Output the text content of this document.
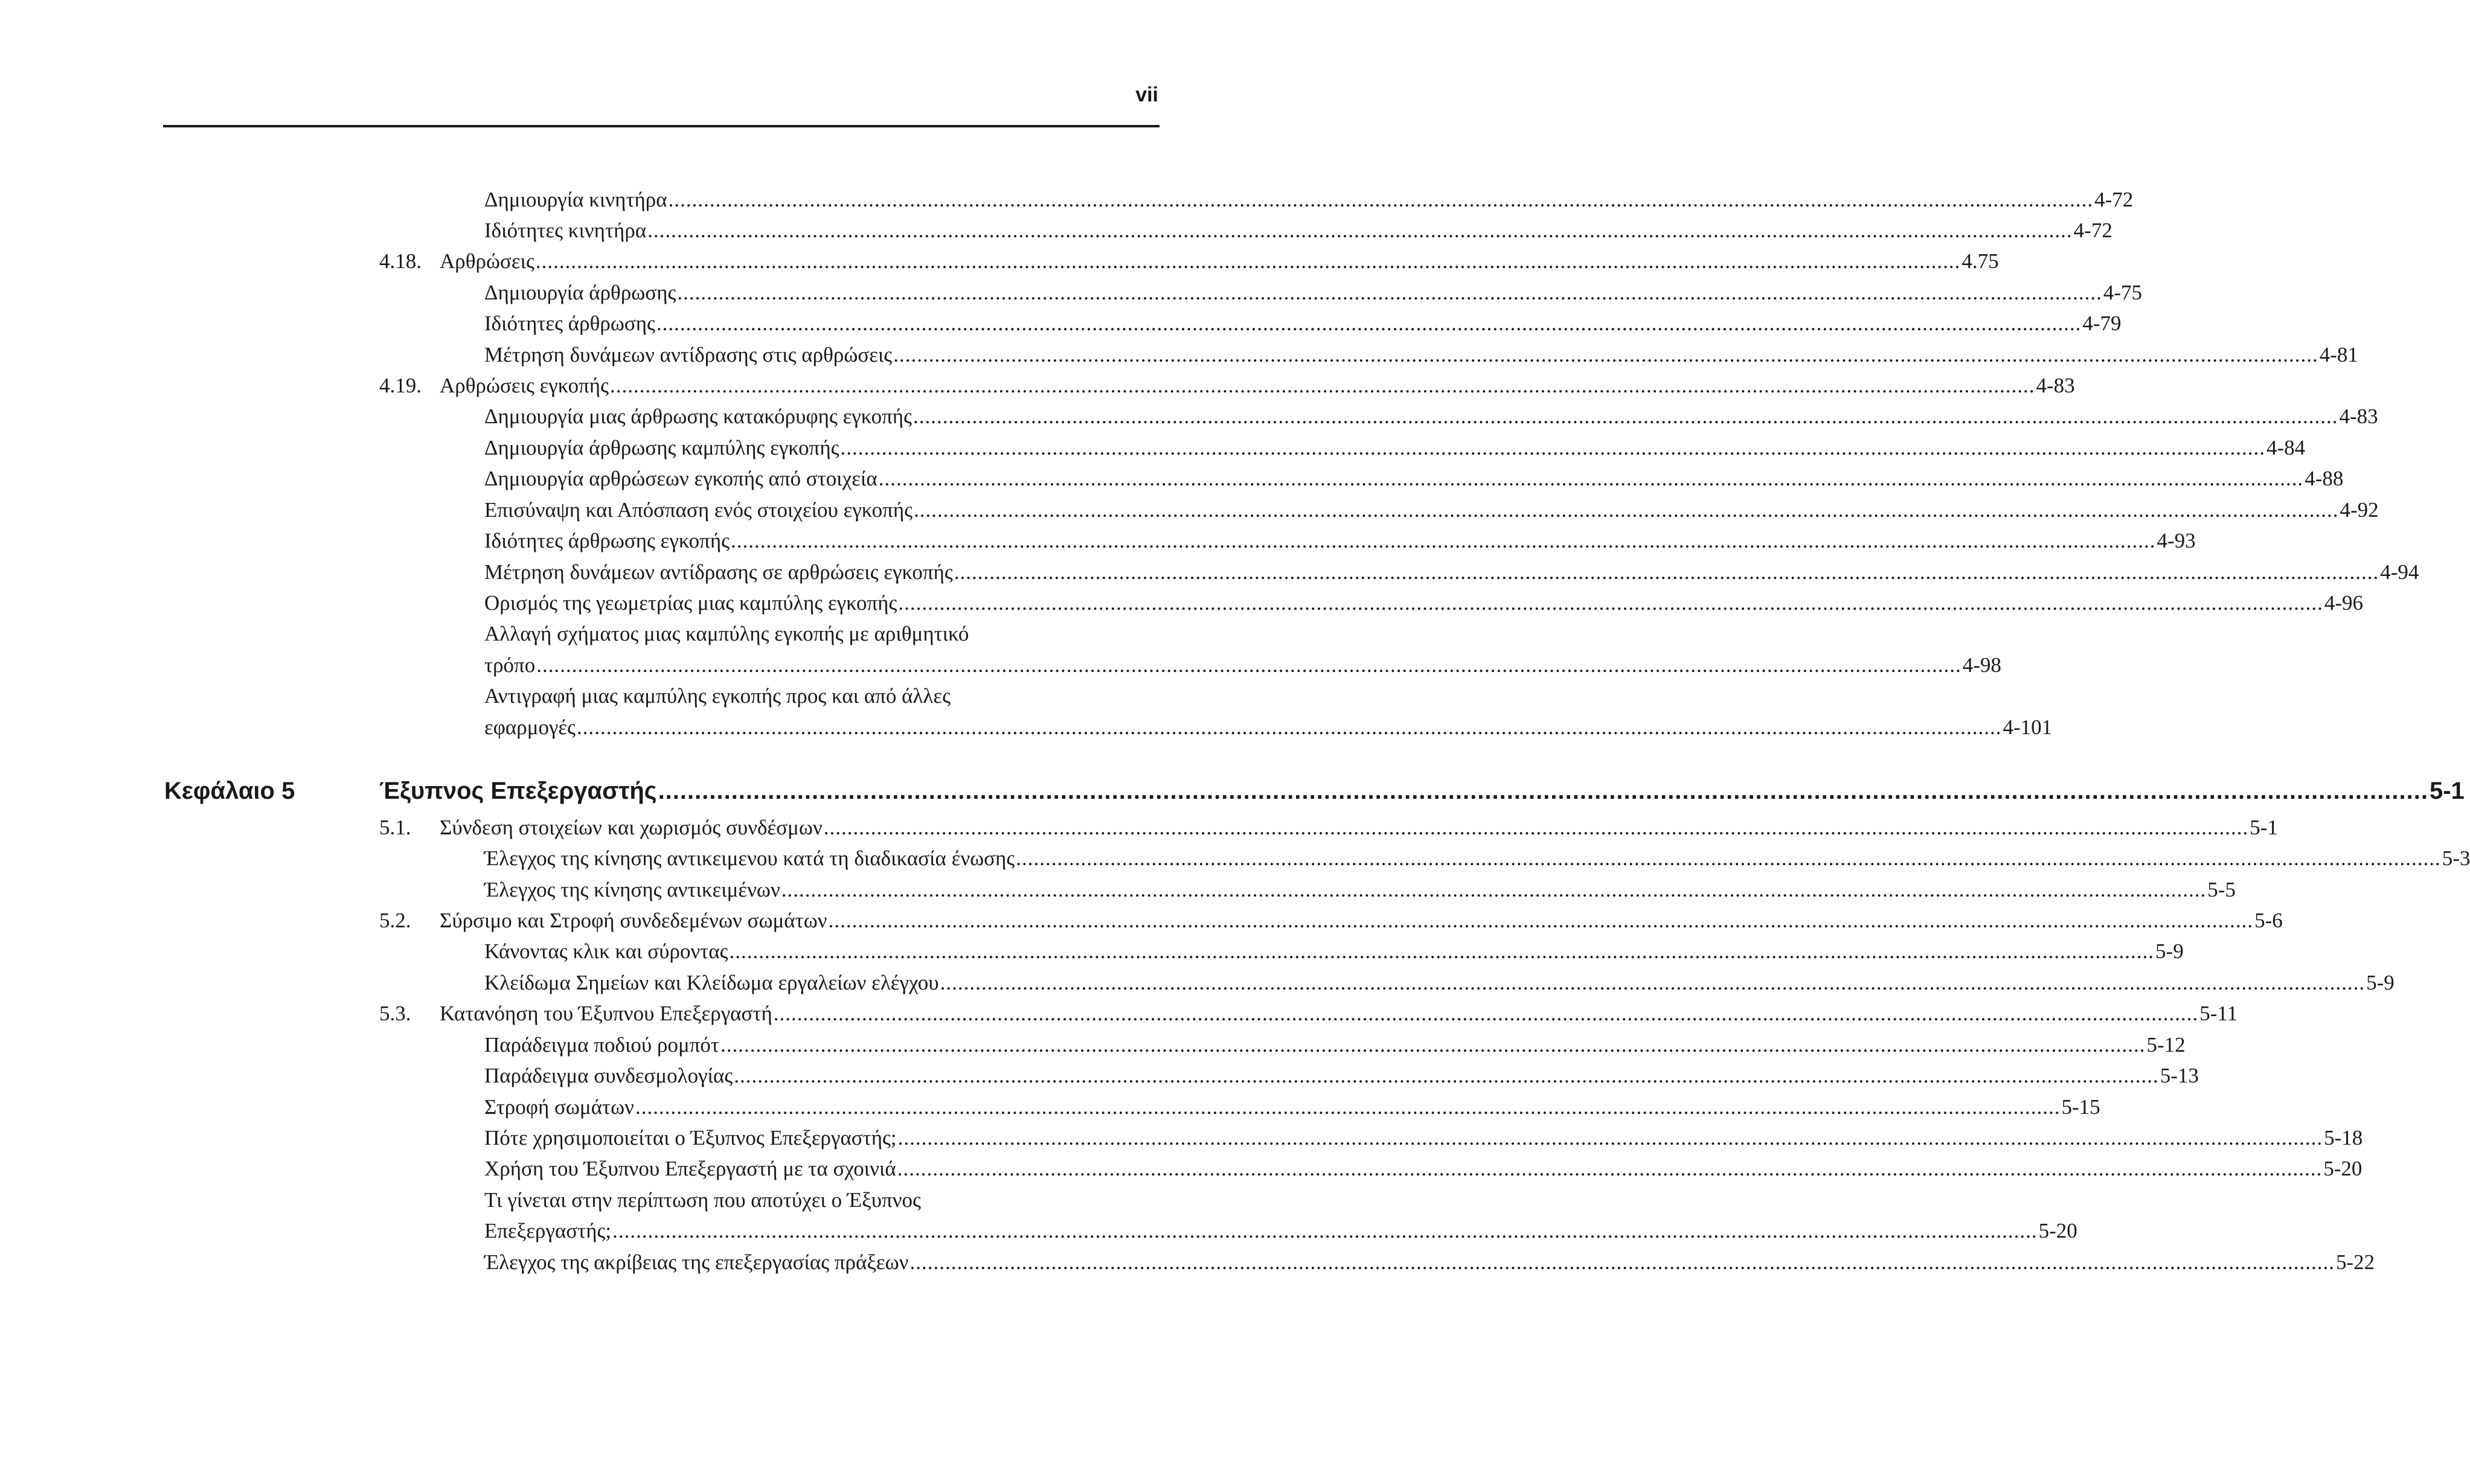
vii
Δημιουργία κινητήρα .................................................................................................................................................................................................................................................. 4-72
Ιδιότητες κινητήρα .................................................................................................................................................................................................................................................. 4-72
4.18. Αρθρώσεις .................................................................................................................................................................................................................................................. 4.75
Δημιουργία άρθρωσης .................................................................................................................................................................................................................................................. 4-75
Ιδιότητες άρθρωσης .................................................................................................................................................................................................................................................. 4-79
Μέτρηση δυνάμεων αντίδρασης στις αρθρώσεις .................................................................................................................................................................................................................................................. 4-81
4.19. Αρθρώσεις εγκοπής .................................................................................................................................................................................................................................................. 4-83
Δημιουργία μιας άρθρωσης κατακόρυφης εγκοπής .................................................................................................................................................................................................................................................. 4-83
Δημιουργία άρθρωσης καμπύλης εγκοπής .................................................................................................................................................................................................................................................. 4-84
Δημιουργία αρθρώσεων εγκοπής από στοιχεία .................................................................................................................................................................................................................................................. 4-88
Επισύναψη και Απόσπαση ενός στοιχείου εγκοπής .................................................................................................................................................................................................................................................. 4-92
Ιδιότητες άρθρωσης εγκοπής .................................................................................................................................................................................................................................................. 4-93
Μέτρηση δυνάμεων αντίδρασης σε αρθρώσεις εγκοπής .................................................................................................................................................................................................................................................. 4-94
Ορισμός της γεωμετρίας μιας καμπύλης εγκοπής .................................................................................................................................................................................................................................................. 4-96
Αλλαγή σχήματος μιας καμπύλης εγκοπής με αριθμητικό
τρόπο .................................................................................................................................................................................................................................................. 4-98
Αντιγραφή μιας καμπύλης εγκοπής προς και από άλλες
εφαρμογές .................................................................................................................................................................................................................................................. 4-101
Κεφάλαιο 5	Έξυπνος Επεξεργαστής .................................................................................................................................................................................................................................................. 5-1
5.1. Σύνδεση στοιχείων και χωρισμός συνδέσμων .................................................................................................................................................................................................................................................. 5-1
Έλεγχος της κίνησης αντικειμενου κατά τη διαδικασία ένωσης .................................................................................................................................................................................................................................................. 5-3
Έλεγχος της κίνησης αντικειμένων .................................................................................................................................................................................................................................................. 5-5
5.2. Σύρσιμο και Στροφή συνδεδεμένων σωμάτων .................................................................................................................................................................................................................................................. 5-6
Κάνοντας κλικ και σύροντας .................................................................................................................................................................................................................................................. 5-9
Κλείδωμα Σημείων και Κλείδωμα εργαλείων ελέγχου .................................................................................................................................................................................................................................................. 5-9
5.3. Κατανόηση του Έξυπνου Επεξεργαστή .................................................................................................................................................................................................................................................. 5-11
Παράδειγμα ποδιού ρομπότ .................................................................................................................................................................................................................................................. 5-12
Παράδειγμα συνδεσμολογίας .................................................................................................................................................................................................................................................. 5-13
Στροφή σωμάτων .................................................................................................................................................................................................................................................. 5-15
Πότε χρησιμοποιείται ο Έξυπνος Επεξεργαστής; .................................................................................................................................................................................................................................................. 5-18
Χρήση του Έξυπνου Επεξεργαστή με τα σχοινιά .................................................................................................................................................................................................................................................. 5-20
Τι γίνεται στην περίπτωση που αποτύχει ο Έξυπνος
Επεξεργαστής; .................................................................................................................................................................................................................................................. 5-20
Έλεγχος της ακρίβειας της επεξεργασίας πράξεων .................................................................................................................................................................................................................................................. 5-22
